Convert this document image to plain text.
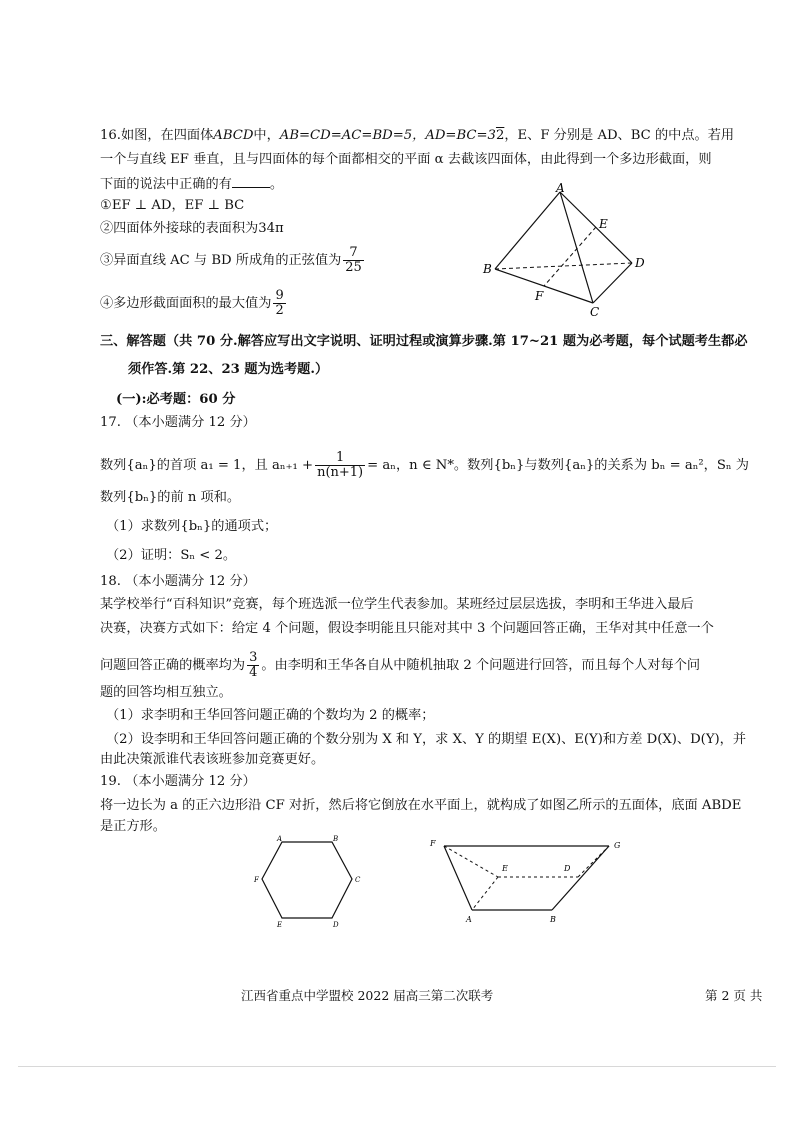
16.如图，在四面体ABCD中，AB=CD=AC=BD=5，AD=BC=32，E、F 分别是 AD、BC 的中点。若用
一个与直线 EF 垂直，且与四面体的每个面都相交的平面 α 去截该四面体，由此得到一个多边形截面，则
下面的说法中正确的有	。
①EF ⊥ AD，EF ⊥ BC
②四面体外接球的表面积为34π
③异面直线 AC 与 BD 所成角的正弦值为 $\frac{7}{25}$
④多边形截面面积的最大值为 $\frac{9}{2}$
A
B
C
D
E
F
三、解答题（共 70 分.解答应写出文字说明、证明过程或演算步骤.第 17~21 题为必考题，每个试题考生都必
须作答.第 22、23 题为选考题.）
(一):必考题：60 分
17. （本小题满分 12 分）
数列{aₙ}的首项 a₁ = 1，且 $a_{n+1} + \frac{1}{n(n+1)} = a_n$，n ∈ N*。数列{bₙ}与数列{aₙ}的关系为 bₙ = aₙ²，Sₙ 为
数列{bₙ}的前 n 项和。
（1）求数列{bₙ}的通项式；
（2）证明：Sₙ < 2。
18. （本小题满分 12 分）
某学校举行“百科知识”竞赛，每个班选派一位学生代表参加。某班经过层层选拔，李明和王华进入最后
决赛，决赛方式如下：给定 4 个问题，假设李明能且只能对其中 3 个问题回答正确，王华对其中任意一个
问题回答正确的概率均为 $\frac{3}{4}$ 。由李明和王华各自从中随机抽取 2 个问题进行回答，而且每个人对每个问
题的回答均相互独立。
（1）求李明和王华回答问题正确的个数均为 2 的概率；
（2）设李明和王华回答问题正确的个数分别为 X 和 Y，求 X、Y 的期望 E(X)、E(Y)和方差 D(X)、D(Y)，并
由此决策派谁代表该班参加竞赛更好。
19. （本小题满分 12 分）
将一边长为 a 的正六边形沿 CF 对折，然后将它倒放在水平面上，就构成了如图乙所示的五面体，底面 ABDE
是正方形。
A	B
C
D
E
F
F	G
E	D
A	B
江西省重点中学盟校 2022 届高三第二次联考	第 2 页 共
